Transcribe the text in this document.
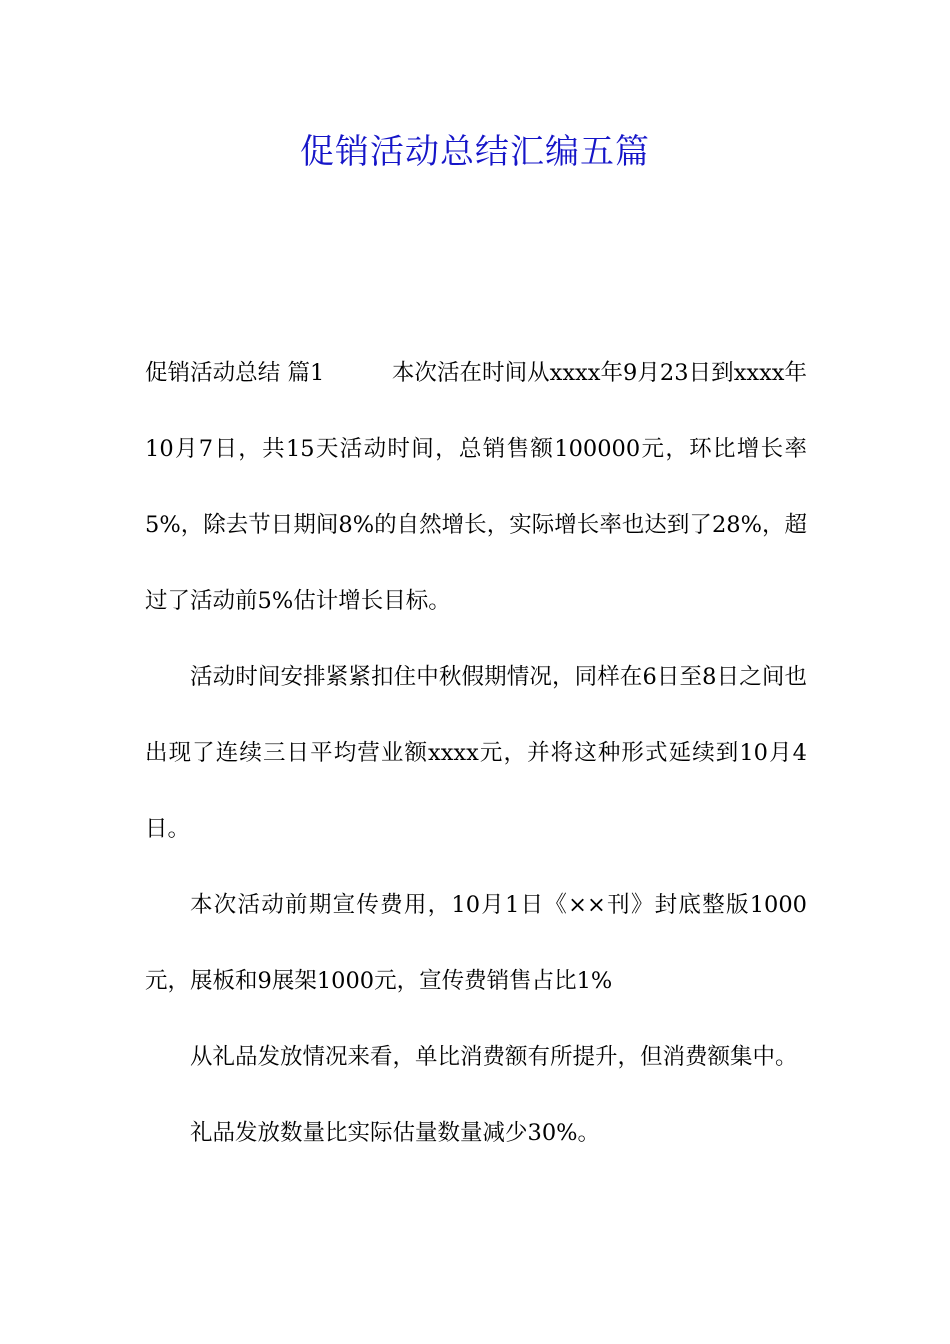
促销活动总结汇编五篇

促销活动总结 篇1	本次活在时间从xxxx年9月23日到xxxx年10月7日，共15天活动时间，总销售额100000元，环比增长率5%，除去节日期间8%的自然增长，实际增长率也达到了28%，超过了活动前5%估计增长目标。

活动时间安排紧紧扣住中秋假期情况，同样在6日至8日之间也出现了连续三日平均营业额xxxx元，并将这种形式延续到10月4日。

本次活动前期宣传费用，10月1日《××刊》封底整版1000元，展板和9展架1000元，宣传费销售占比1%

从礼品发放情况来看，单比消费额有所提升，但消费额集中。

礼品发放数量比实际估量数量减少30%。
